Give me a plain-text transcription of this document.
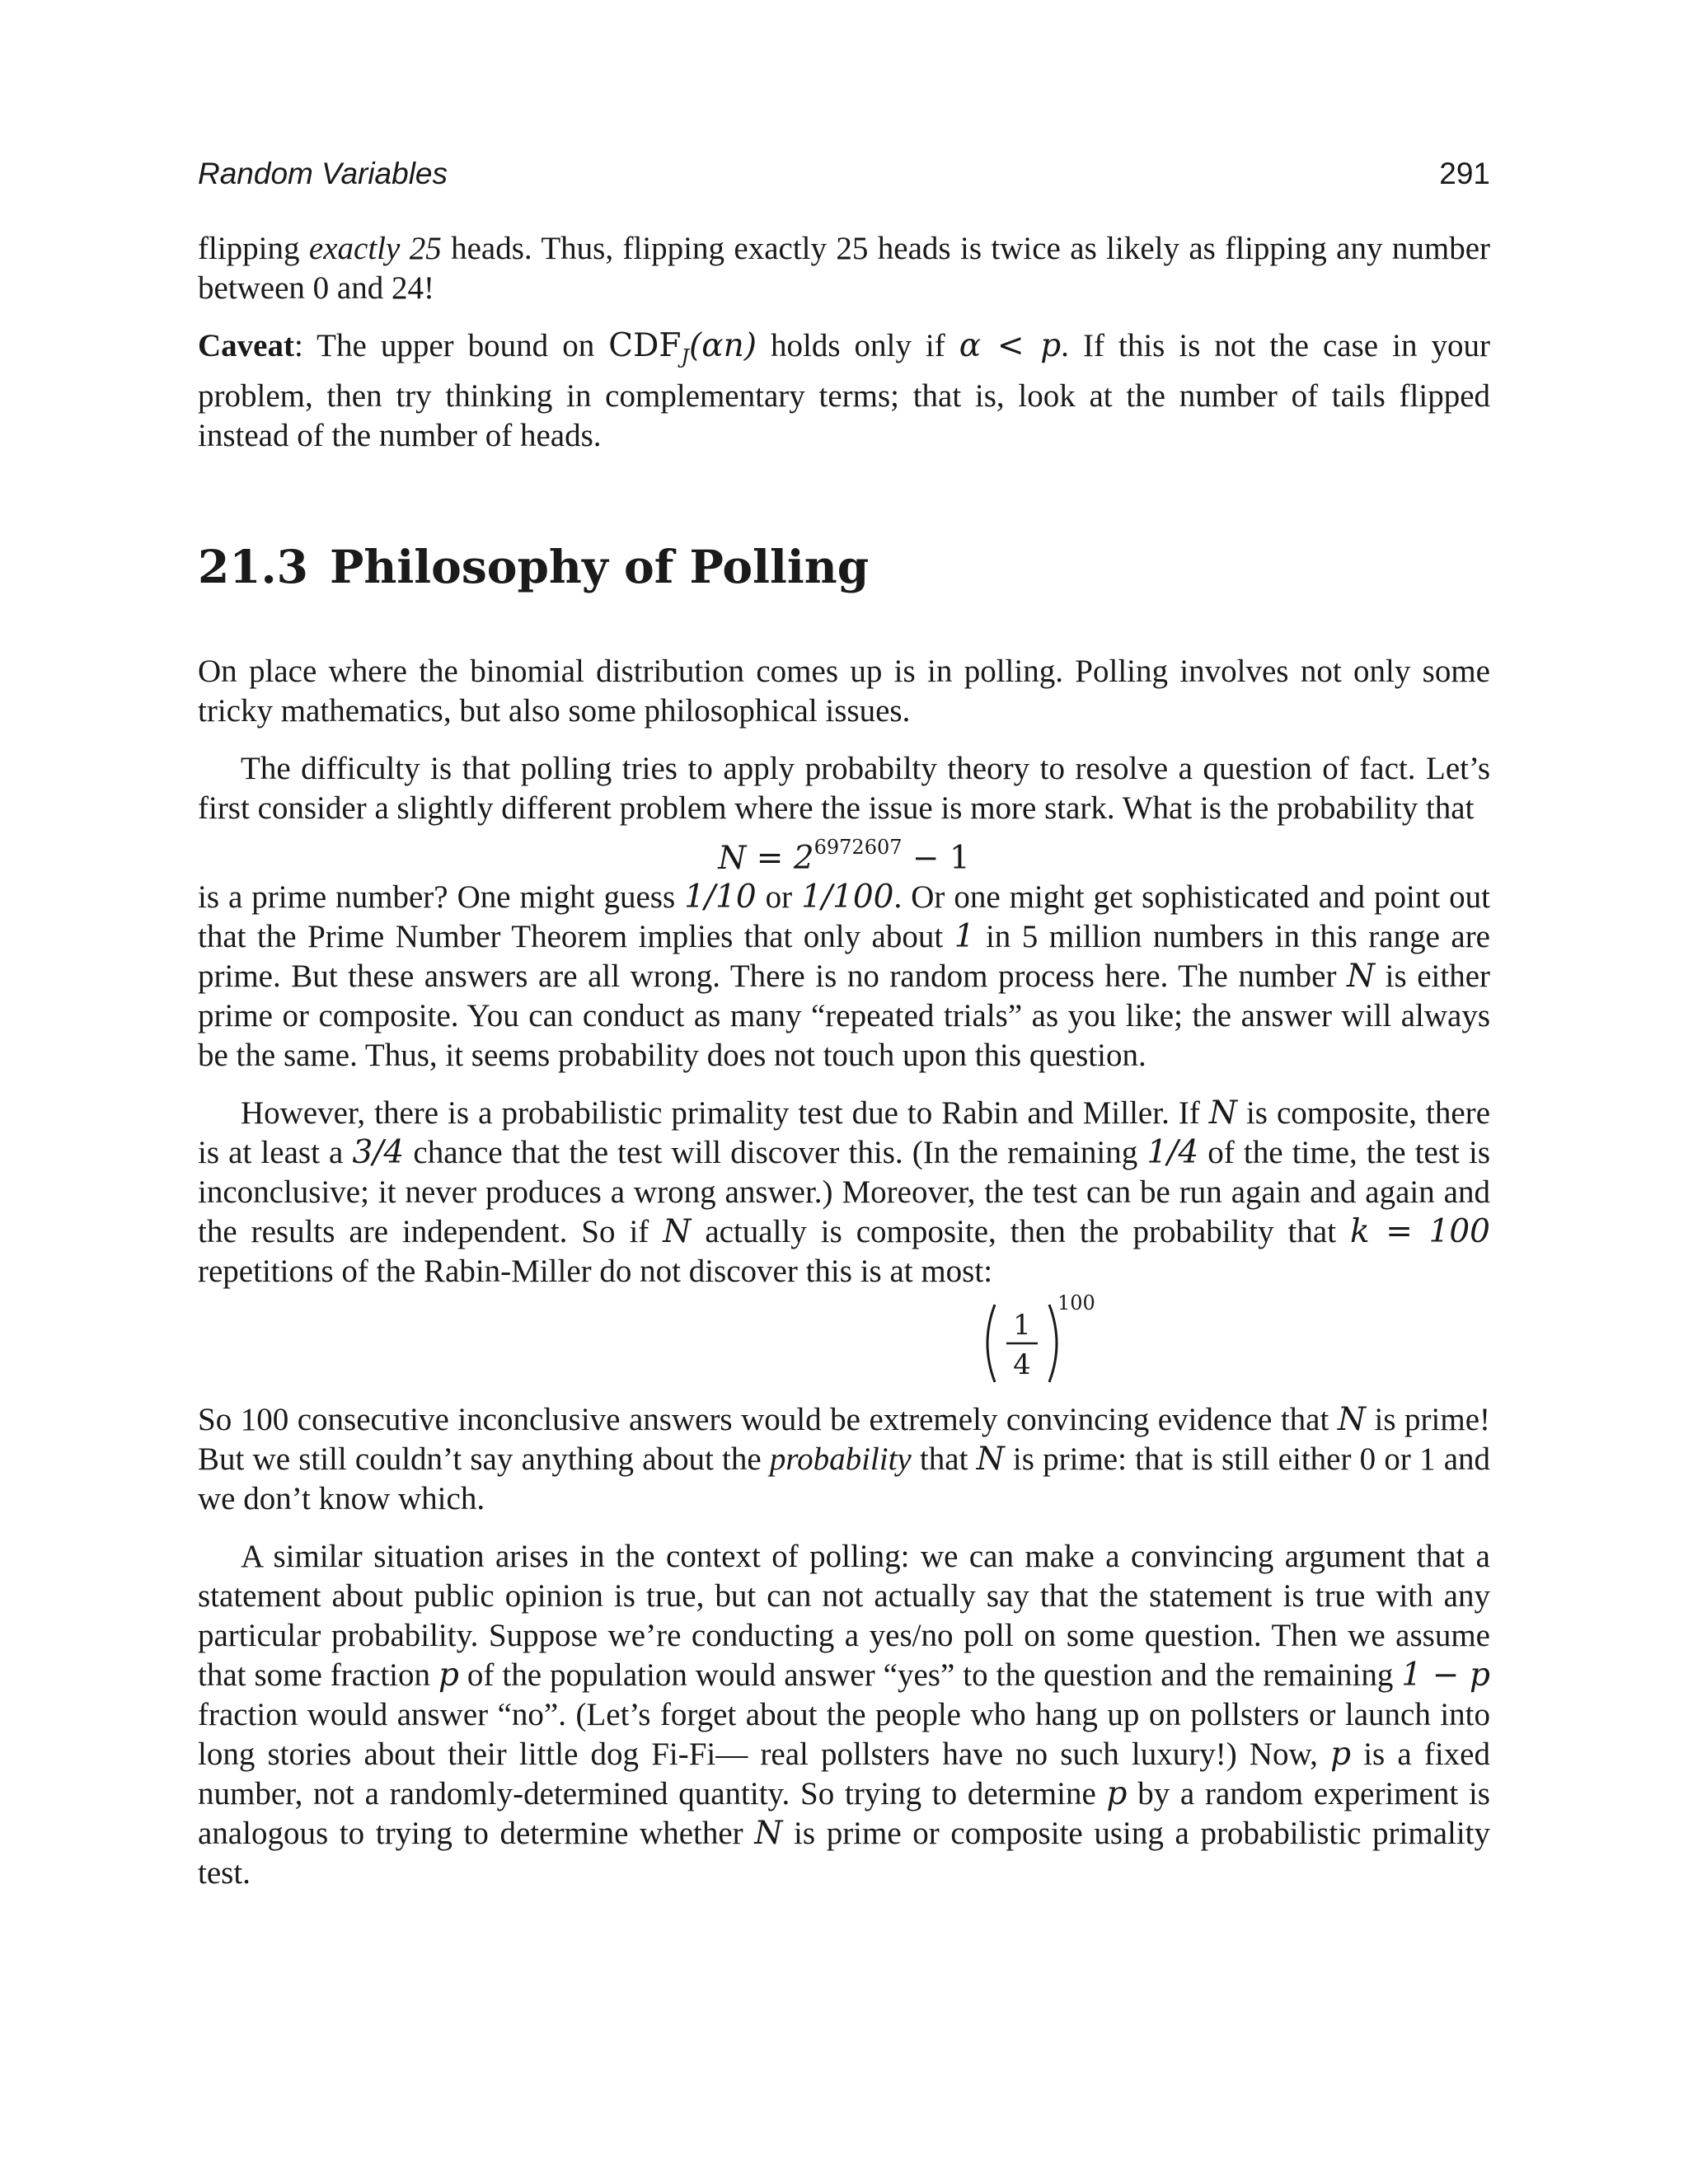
Random Variables	291

flipping exactly 25 heads. Thus, flipping exactly 25 heads is twice as likely as flipping any number between 0 and 24!

Caveat: The upper bound on $CDF_J(\alpha n)$ holds only if α < p. If this is not the case in your problem, then try thinking in complementary terms; that is, look at the number of tails flipped instead of the number of heads.

21.3 Philosophy of Polling

On place where the binomial distribution comes up is in polling. Polling involves not only some tricky mathematics, but also some philosophical issues.

The difficulty is that polling tries to apply probabilty theory to resolve a question of fact. Let’s first consider a slightly different problem where the issue is more stark. What is the probability that

$N = 2^{6972607} - 1$

is a prime number? One might guess 1/10 or 1/100. Or one might get sophisticated and point out that the Prime Number Theorem implies that only about 1 in 5 million numbers in this range are prime. But these answers are all wrong. There is no random process here. The number N is either prime or composite. You can conduct as many “repeated trials” as you like; the answer will always be the same. Thus, it seems probability does not touch upon this question.

However, there is a probabilistic primality test due to Rabin and Miller. If N is composite, there is at least a 3/4 chance that the test will discover this. (In the remaining 1/4 of the time, the test is inconclusive; it never produces a wrong answer.) Moreover, the test can be run again and again and the results are independent. So if N actually is composite, then the probability that k = 100 repetitions of the Rabin-Miller do not discover this is at most:

1
4
100

So 100 consecutive inconclusive answers would be extremely convincing evidence that N is prime! But we still couldn’t say anything about the probability that N is prime: that is still either 0 or 1 and we don’t know which.

A similar situation arises in the context of polling: we can make a convincing argument that a statement about public opinion is true, but can not actually say that the statement is true with any particular probability. Suppose we’re conducting a yes/no poll on some question. Then we assume that some fraction p of the population would answer “yes” to the question and the remaining 1 − p fraction would answer “no”. (Let’s forget about the people who hang up on pollsters or launch into long stories about their little dog Fi-Fi— real pollsters have no such luxury!) Now, p is a fixed number, not a randomly-determined quantity. So trying to determine p by a random experiment is analogous to trying to determine whether N is prime or composite using a probabilistic primality test.
